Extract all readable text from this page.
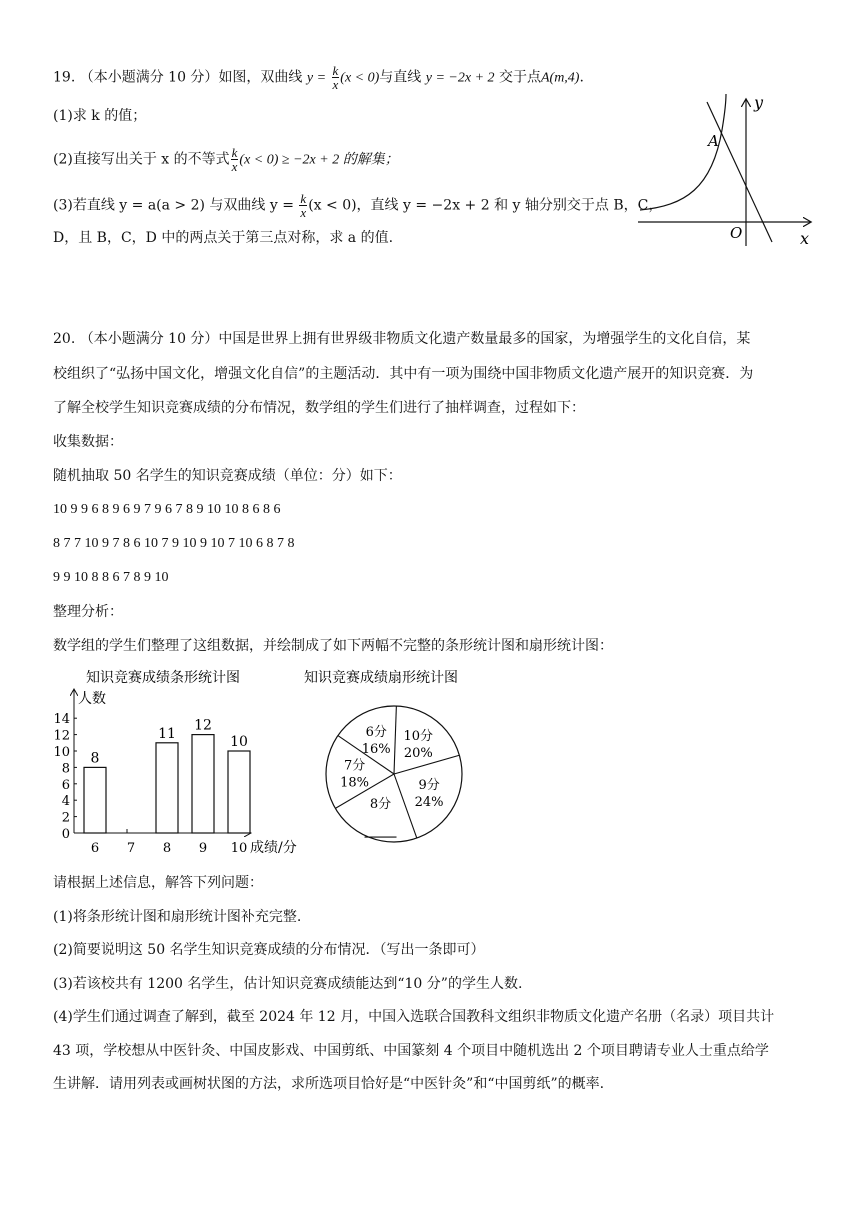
19. （本小题满分 10 分）如图，双曲线 $y = \frac{k}{x} (x < 0)$与直线 y = −2x + 2 交于点A(m,4).
(1)求 k 的值；
(2)直接写出关于 x 的不等式 $\frac{k}{x} (x < 0) \ge -2x + 2$ 的解集；
(3)若直线 y = a(a > 2) 与双曲线 $y = \frac{k}{x} (x < 0)$，直线 y = −2x + 2 和 y 轴分别交于点 B，C，
D，且 B，C，D 中的两点关于第三点对称，求 a 的值.
A
O	x
y
20. （本小题满分 10 分）中国是世界上拥有世界级非物质文化遗产数量最多的国家，为增强学生的文化自信，某
校组织了“弘扬中国文化，增强文化自信”的主题活动．其中有一项为围绕中国非物质文化遗产展开的知识竞赛．为
了解全校学生知识竞赛成绩的分布情况，数学组的学生们进行了抽样调查，过程如下：
收集数据：
随机抽取 50 名学生的知识竞赛成绩（单位：分）如下：
10 9 9 6 8 9 6 9 7 9 6 7 8 9 10 10 8 6 8 6
8 7 7 10 9 7 8 6 10 7 9 10 9 10 7 10 6 8 7 8
9 9 10 8 8 6 7 8 9 10
整理分析：
数学组的学生们整理了这组数据，并绘制成了如下两幅不完整的条形统计图和扇形统计图：
知识竞赛成绩条形统计图
人数
成绩/分
0
2
4
6
8
10
12
14
6
8
7 8
11
9
12
10
10
知识竞赛成绩扇形统计图
10分
20%
9分
24%
8分
7分
18%
6分
16%
请根据上述信息，解答下列问题：
(1)将条形统计图和扇形统计图补充完整.
(2)简要说明这 50 名学生知识竞赛成绩的分布情况．（写出一条即可）
(3)若该校共有 1200 名学生，估计知识竞赛成绩能达到“10 分”的学生人数.
(4)学生们通过调查了解到，截至 2024 年 12 月，中国入选联合国教科文组织非物质文化遗产名册（名录）项目共计
43 项，学校想从中医针灸、中国皮影戏、中国剪纸、中国篆刻 4 个项目中随机选出 2 个项目聘请专业人士重点给学
生讲解．请用列表或画树状图的方法，求所选项目恰好是“中医针灸”和“中国剪纸”的概率.
